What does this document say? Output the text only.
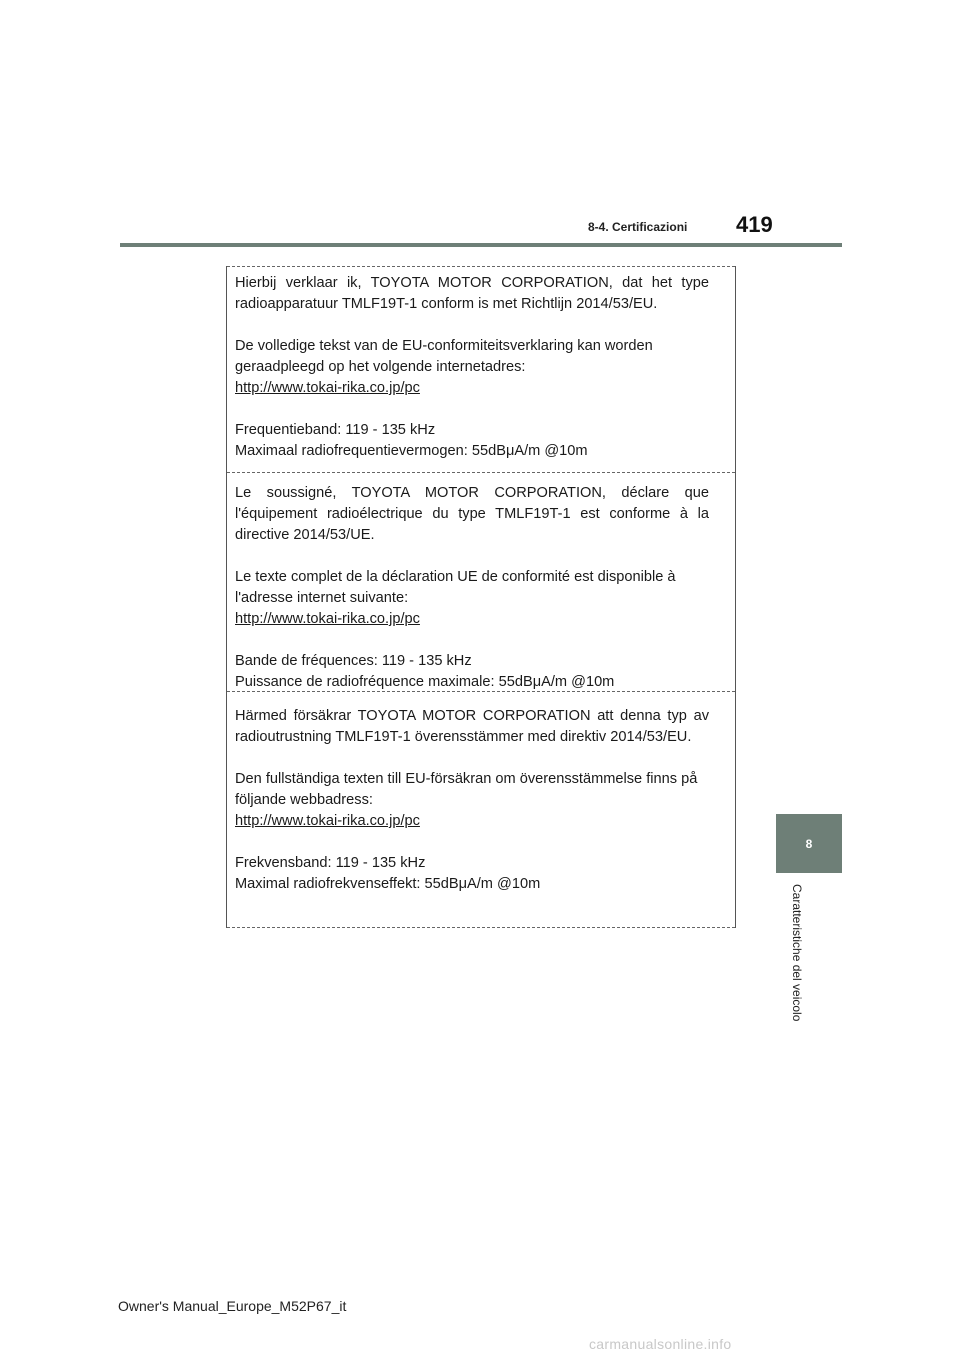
8-4. Certificazioni 419
8
Caratteristiche del veicolo

Hierbij verklaar ik, TOYOTA MOTOR CORPORATION, dat het type radioapparatuur TMLF19T-1 conform is met Richtlijn 2014/53/EU.

De volledige tekst van de EU-conformiteitsverklaring kan worden geraadpleegd op het volgende internetadres:

http://www.tokai-rika.co.jp/pc

Frequentieband: 119 - 135 kHz

Maximaal radiofrequentievermogen: 55dBμA/m @10m

Le soussigné, TOYOTA MOTOR CORPORATION, déclare que l'équipement radioélectrique du type TMLF19T-1 est conforme à la directive 2014/53/UE.

Le texte complet de la déclaration UE de conformité est disponible à l'adresse internet suivante:

http://www.tokai-rika.co.jp/pc

Bande de fréquences: 119 - 135 kHz

Puissance de radiofréquence maximale: 55dBμA/m @10m

Härmed försäkrar TOYOTA MOTOR CORPORATION att denna typ av radioutrustning TMLF19T-1 överensstämmer med direktiv 2014/53/EU.

Den fullständiga texten till EU-försäkran om överensstämmelse finns på följande webbadress:

http://www.tokai-rika.co.jp/pc

Frekvensband: 119 - 135 kHz

Maximal radiofrekvenseffekt: 55dBμA/m @10m

Owner's Manual_Europe_M52P67_it
carmanualsonline.info
